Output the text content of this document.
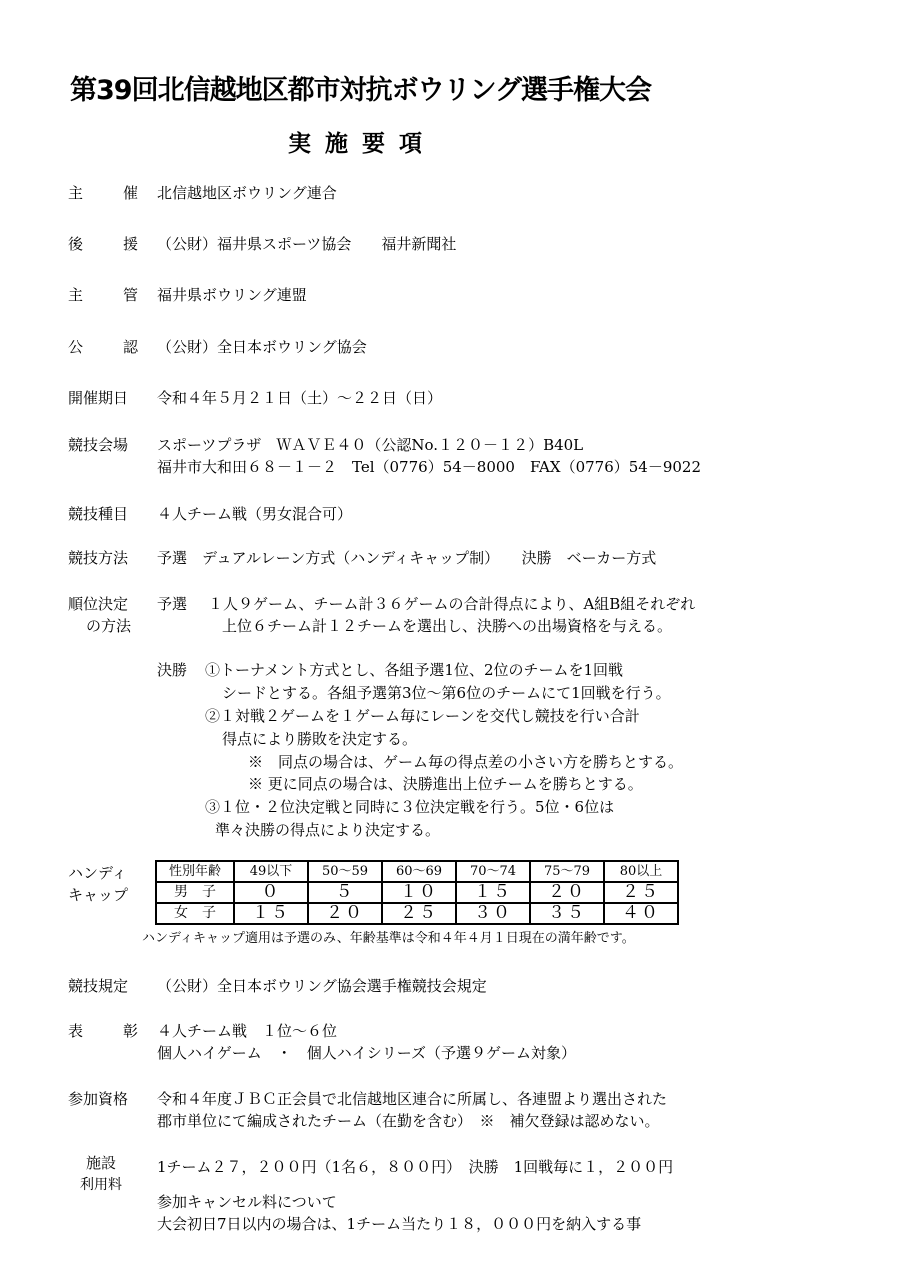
第39回北信越地区都市対抗ボウリング選手権大会
実施要項
主	催 北信越地区ボウリング連合
後	援 （公財）福井県スポーツ協会　　福井新聞社
主	管 福井県ボウリング連盟
公	認 （公財）全日本ボウリング協会
開催期日	令和４年５月２１日（土）～２２日（日）
競技会場	スポーツプラザ　ＷＡＶＥ４０（公認No.１２０－１２）B40L
福井市大和田６８－１－２　Tel（0776）54－8000　FAX（0776）54－9022
競技種目	４人チーム戦（男女混合可）
競技方法	予選　デュアルレーン方式（ハンディキャップ制）　　決勝　ベーカー方式
順位決定
の方法
予選 １人９ゲーム、チーム計３６ゲームの合計得点により、A組B組それぞれ
上位６チーム計１２チームを選出し、決勝への出場資格を与える。
決勝 ①トーナメント方式とし、各組予選1位、2位のチームを1回戦
シードとする。各組予選第3位～第6位のチームにて1回戦を行う。
②１対戦２ゲームを１ゲーム毎にレーンを交代し競技を行い合計
得点により勝敗を決定する。
※　同点の場合は、ゲーム毎の得点差の小さい方を勝ちとする。
※ 更に同点の場合は、決勝進出上位チームを勝ちとする。
③１位・２位決定戦と同時に３位決定戦を行う。5位・6位は
準々決勝の得点により決定する。
ハンディ
キャップ
性別年齢	49以下	50～59	60～69	70～74	75～79	80以上
男　子	０	５	１０	１５	２０	２５
女　子	１５	２０	２５	３０	３５	４０
ハンディキャップ適用は予選のみ、年齢基準は令和４年４月１日現在の満年齢です。
競技規定	（公財）全日本ボウリング協会選手権競技会規定
表	彰 ４人チーム戦　１位～６位
個人ハイゲーム　・　個人ハイシリーズ（予選９ゲーム対象）
参加資格	令和４年度ＪＢＣ正会員で北信越地区連合に所属し、各連盟より選出された
郡市単位にて編成されたチーム（在勤を含む）　※　補欠登録は認めない。
施設
利用料
1チーム２７，２００円（1名６，８００円）　決勝　1回戦毎に１，２００円
参加キャンセル料について
大会初日7日以内の場合は、1チーム当たり１８，０００円を納入する事
